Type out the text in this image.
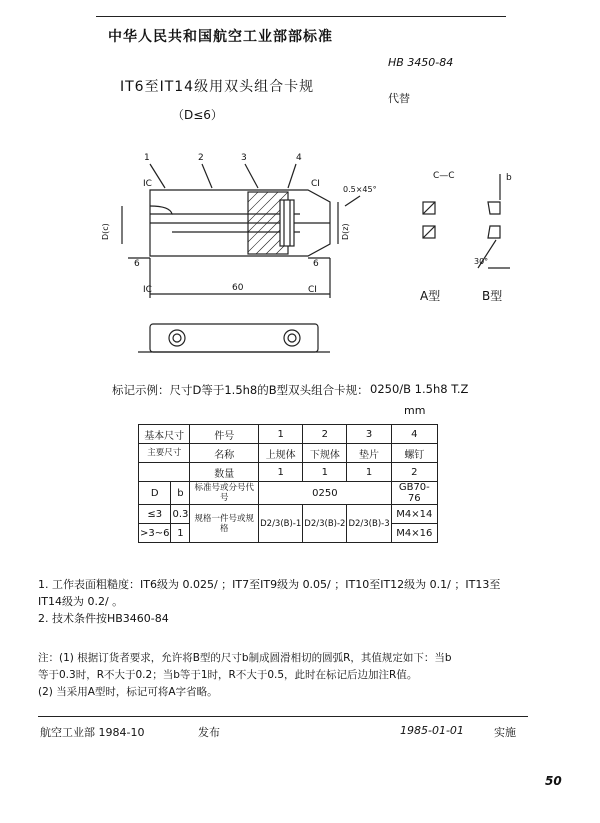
中华人民共和国航空工业部部标准
HB 3450-84
代替
IT6至IT14级用双头组合卡规
（D≤6）
1	2	3	4
IC	CI
0.5×45°
D(c)	D(z)
6	6
60
IC	CI
C—C	b
30°
A型	B型
标记示例：尺寸D等于1.5h8的B型双头组合卡规： 0250/B 1.5h8 T.Z
mm
基本尺寸		件号	1	2	3	4
主要尺寸		名称	上规体	下规体	垫片	螺钉
		数量	1	1	1	2
D	b	标准号或分号代号	0250			GB70-76
≤3	0.3	规格一件号或规格	D2/3(B)-1	D2/3(B)-2	D2/3(B)-3	M4×14
>3~6	1					M4×16
1. 工作表面粗糙度：IT6级为 0.025/ ；IT7至IT9级为 0.05/ ；IT10至IT12级为 0.1/ ；IT13至
IT14级为 0.2/ 。
2. 技术条件按HB3460-84
注：(1) 根据订货者要求，允许将B型的尺寸b制成圆滑相切的圆弧R，其值规定如下：当b
等于0.3时，R不大于0.2；当b等于1时，R不大于0.5，此时在标记后边加注R值。
(2) 当采用A型时，标记可将A字省略。
航空工业部 1984-10	发布	1985-01-01	实施
50
